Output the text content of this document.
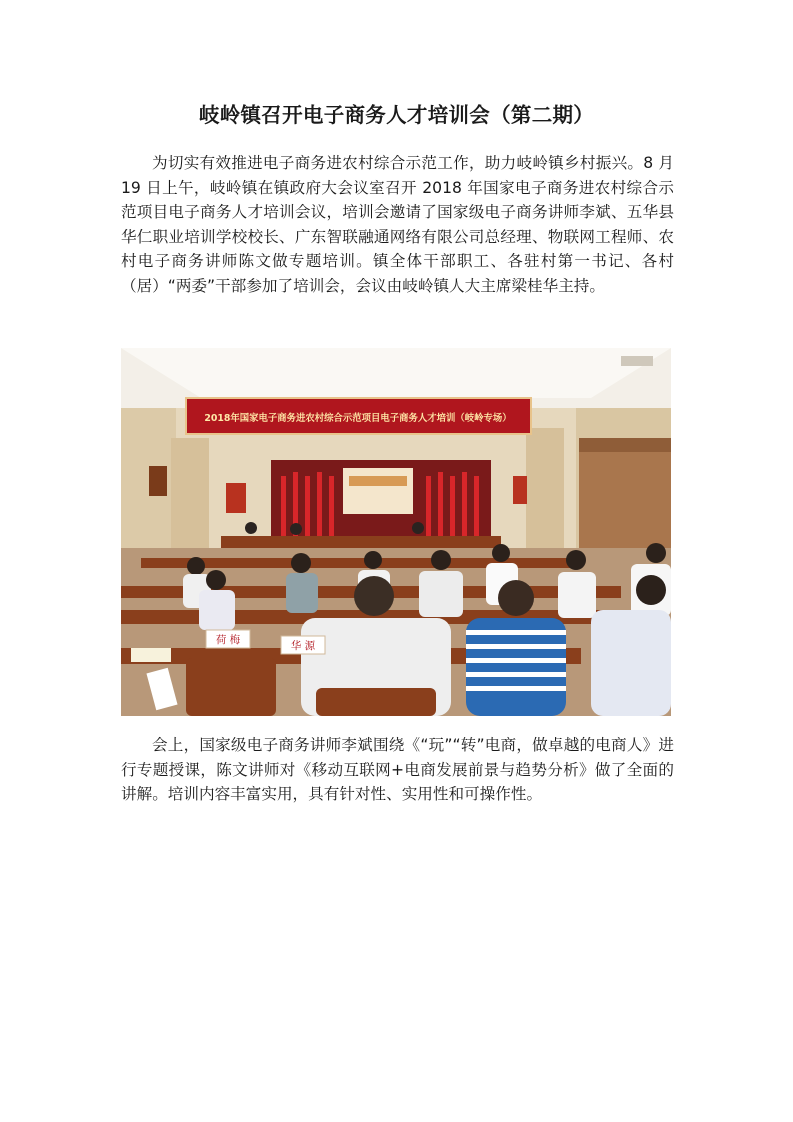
岐岭镇召开电子商务人才培训会（第二期）

为切实有效推进电子商务进农村综合示范工作，助力岐岭镇乡村振兴。8 月 19 日上午，岐岭镇在镇政府大会议室召开 2018 年国家电子商务进农村综合示范项目电子商务人才培训会议，培训会邀请了国家级电子商务讲师李斌、五华县华仁职业培训学校校长、广东智联融通网络有限公司总经理、物联网工程师、农村电子商务讲师陈文做专题培训。镇全体干部职工、各驻村第一书记、各村（居）“两委”干部参加了培训会，会议由岐岭镇人大主席梁桂华主持。

2018年国家电子商务进农村综合示范项目电子商务人才培训（岐岭专场）
荷 梅	华 源

会上，国家级电子商务讲师李斌围绕《“玩”“转”电商，做卓越的电商人》进行专题授课，陈文讲师对《移动互联网+电商发展前景与趋势分析》做了全面的讲解。培训内容丰富实用，具有针对性、实用性和可操作性。
